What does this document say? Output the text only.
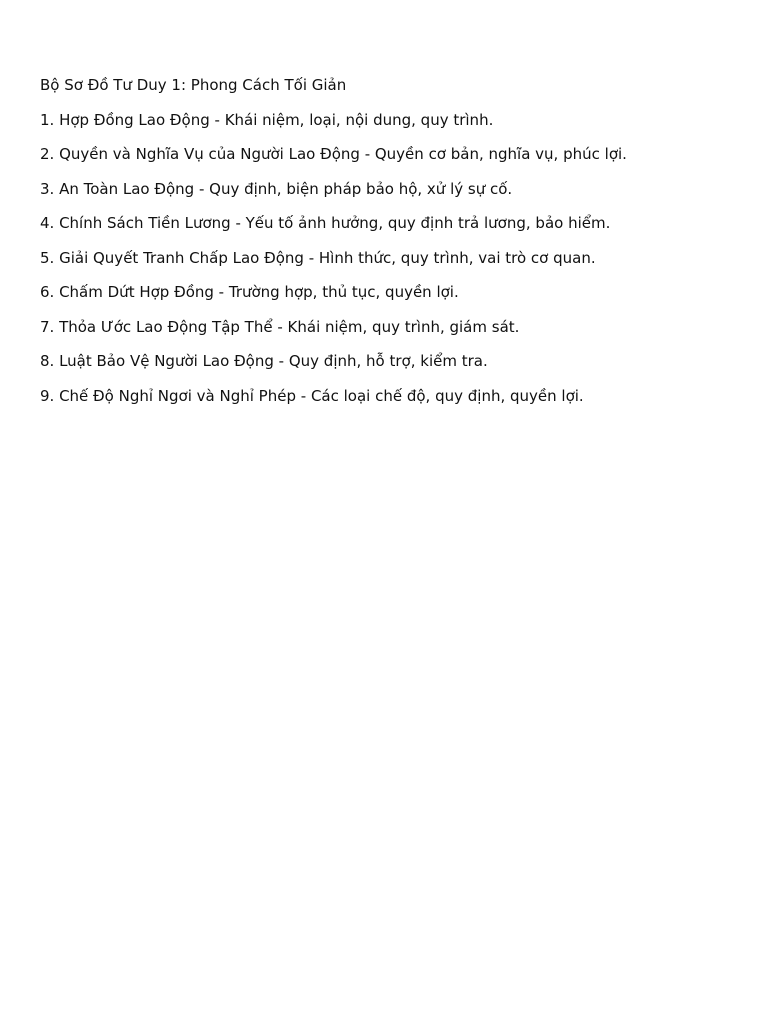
Bộ Sơ Đồ Tư Duy 1: Phong Cách Tối Giản
1. Hợp Đồng Lao Động - Khái niệm, loại, nội dung, quy trình.
2. Quyền và Nghĩa Vụ của Người Lao Động - Quyền cơ bản, nghĩa vụ, phúc lợi.
3. An Toàn Lao Động - Quy định, biện pháp bảo hộ, xử lý sự cố.
4. Chính Sách Tiền Lương - Yếu tố ảnh hưởng, quy định trả lương, bảo hiểm.
5. Giải Quyết Tranh Chấp Lao Động - Hình thức, quy trình, vai trò cơ quan.
6. Chấm Dứt Hợp Đồng - Trường hợp, thủ tục, quyền lợi.
7. Thỏa Ước Lao Động Tập Thể - Khái niệm, quy trình, giám sát.
8. Luật Bảo Vệ Người Lao Động - Quy định, hỗ trợ, kiểm tra.
9. Chế Độ Nghỉ Ngơi và Nghỉ Phép - Các loại chế độ, quy định, quyền lợi.
